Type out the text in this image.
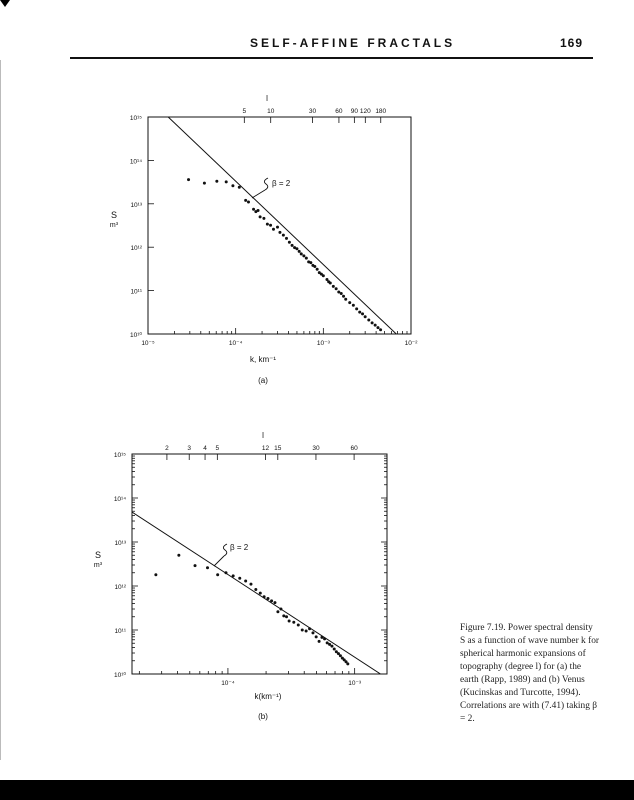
SELF-AFFINE FRACTALS	169
10¹⁰
10¹¹
10¹²
10¹³
10¹⁴
10¹⁵
10⁻⁵	10⁻⁴	10⁻³	10⁻²
5	10	30	60 90 120 180
l
k, km⁻¹
S
m³
β = 2
(a)
10¹⁰
10¹¹
10¹²
10¹³
10¹⁴
10¹⁵
10⁻⁴	10⁻³
2	3 4 5	12 15	30	60
l
k(km⁻¹)
S
m³
β = 2
(b)
Figure 7.19. Power spectral density S as a function of wave number k for spherical harmonic expansions of topography (degree l) for (a) the earth (Rapp, 1989) and (b) Venus (Kucinskas and Turcotte, 1994). Correlations are with (7.41) taking β = 2.
